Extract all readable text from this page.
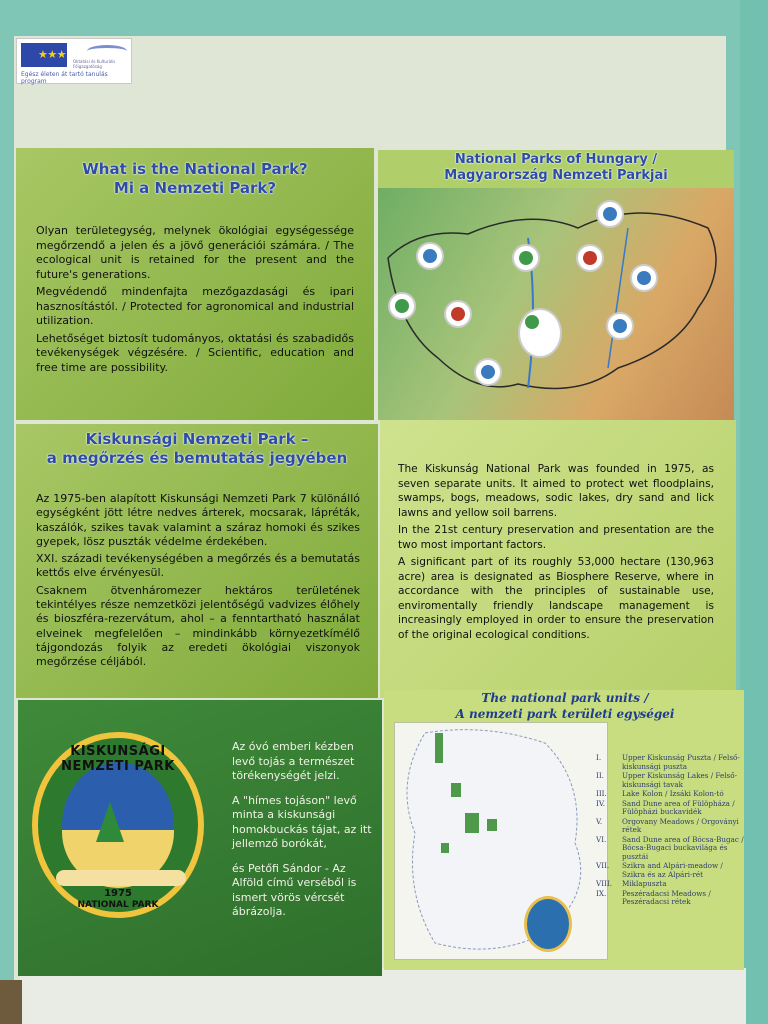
★ ★ ★
Oktatási és Kulturális Főigazgatóság
Egész életen át tartó tanulás program
What is the National Park?
Mi a Nemzeti Park?

Olyan területegység, melynek ökológiai egységessége megőrzendő a jelen és a jövő generációi számára. / The ecological unit is retained for the present and the future's generations.

Megvédendő mindenfajta mezőgazdasági és ipari hasznosítástól. / Protected for agronomical and industrial utilization.

Lehetőséget biztosít tudományos, oktatási és szabadidős tevékenységek végzésére. / Scientific, education and free time are possibility.

National Parks of Hungary /
Magyarország Nemzeti Parkjai
Kiskunsági Nemzeti Park –
a megőrzés és bemutatás jegyében

Az 1975-ben alapított Kiskunsági Nemzeti Park 7 különálló egységként jött létre nedves árterek, mocsarak, lápréták, kaszálók, szikes tavak valamint a száraz homoki és szikes gyepek, lösz puszták védelme érdekében.

XXI. századi tevékenységében a megőrzés és a bemutatás kettős elve érvényesül.

Csaknem ötvenháromezer hektáros területének tekintélyes része nemzetközi jelentőségű vadvizes élőhely és bioszféra-rezervátum, ahol – a fenntartható használat elveinek megfelelően – mindinkább környezetkímélő tájgondozás folyik az eredeti ökológiai viszonyok megőrzése céljából.

The Kiskunság National Park was founded in 1975, as seven separate units. It aimed to protect wet floodplains, swamps, bogs, meadows, sodic lakes, dry sand and lick lawns and yellow soil barrens.

In the 21st century preservation and presentation are the two most important factors.

A significant part of its roughly 53,000 hectare (130,963 acre) area is designated as Biosphere Reserve, where in accordance with the principles of sustainable use, enviromentally friendly landscape management is increasingly employed in order to ensure the preservation of the original ecological conditions.

KISKUNSÁGI NEMZETI PARK
1975
NATIONAL PARK

Az óvó emberi kézben levő tojás a természet törékenységét jelzi.

A "hímes tojáson" levő minta a kiskunsági homokbuckás tájat, az itt jellemző borókát,

és Petőfi Sándor - Az Alföld című verséből is ismert vörös vércsét ábrázolja.

The national park units /
A nemzeti park területi egységei
I.	Upper Kiskunság Puszta / Felső-kiskunsági puszta
II.	Upper Kiskunság Lakes / Felső-kiskunsági tavak
III.	Lake Kolon / Izsáki Kolon-tó
IV.	Sand Dune area of Fülöpháza / Fülöpházi buckavidék
V.	Orgovany Meadows / Orgoványi rétek
VI.	Sand Dune area of Bócsa-Bugac / Bócsa-Bugaci buckavilága és pusztái
VII.	Szikra and Alpári-meadow / Szikra és az Alpári-rét
VIII.	Miklapuszta
IX.	Peszéradacsi Meadows / Peszéradacsi rétek
